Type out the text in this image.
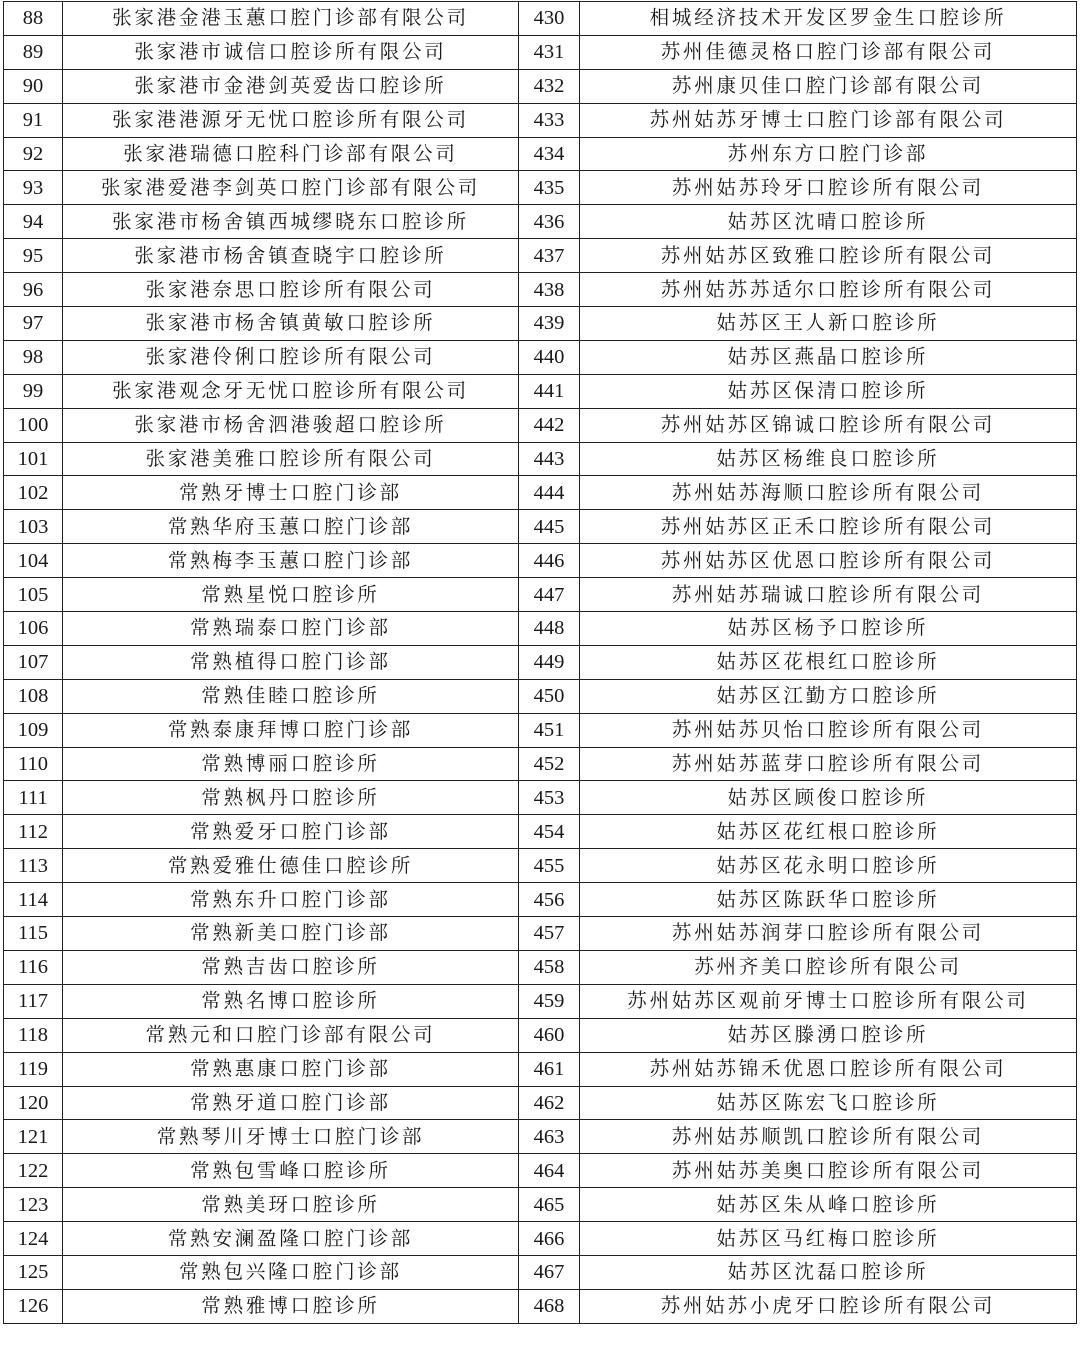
88	张家港金港玉蕙口腔门诊部有限公司	430	相城经济技术开发区罗金生口腔诊所
89	张家港市诚信口腔诊所有限公司	431	苏州佳德灵格口腔门诊部有限公司
90	张家港市金港剑英爱齿口腔诊所	432	苏州康贝佳口腔门诊部有限公司
91	张家港港源牙无忧口腔诊所有限公司	433	苏州姑苏牙博士口腔门诊部有限公司
92	张家港瑞德口腔科门诊部有限公司	434	苏州东方口腔门诊部
93	张家港爱港李剑英口腔门诊部有限公司	435	苏州姑苏玲牙口腔诊所有限公司
94	张家港市杨舍镇西城缪晓东口腔诊所	436	姑苏区沈晴口腔诊所
95	张家港市杨舍镇查晓宇口腔诊所	437	苏州姑苏区致雅口腔诊所有限公司
96	张家港奈思口腔诊所有限公司	438	苏州姑苏苏适尔口腔诊所有限公司
97	张家港市杨舍镇黄敏口腔诊所	439	姑苏区王人新口腔诊所
98	张家港伶俐口腔诊所有限公司	440	姑苏区燕晶口腔诊所
99	张家港观念牙无忧口腔诊所有限公司	441	姑苏区保清口腔诊所
100	张家港市杨舍泗港骏超口腔诊所	442	苏州姑苏区锦诚口腔诊所有限公司
101	张家港美雅口腔诊所有限公司	443	姑苏区杨维良口腔诊所
102	常熟牙博士口腔门诊部	444	苏州姑苏海顺口腔诊所有限公司
103	常熟华府玉蕙口腔门诊部	445	苏州姑苏区正禾口腔诊所有限公司
104	常熟梅李玉蕙口腔门诊部	446	苏州姑苏区优恩口腔诊所有限公司
105	常熟星悦口腔诊所	447	苏州姑苏瑞诚口腔诊所有限公司
106	常熟瑞泰口腔门诊部	448	姑苏区杨予口腔诊所
107	常熟植得口腔门诊部	449	姑苏区花根红口腔诊所
108	常熟佳睦口腔诊所	450	姑苏区江勤方口腔诊所
109	常熟泰康拜博口腔门诊部	451	苏州姑苏贝怡口腔诊所有限公司
110	常熟博丽口腔诊所	452	苏州姑苏蓝芽口腔诊所有限公司
111	常熟枫丹口腔诊所	453	姑苏区顾俊口腔诊所
112	常熟爱牙口腔门诊部	454	姑苏区花红根口腔诊所
113	常熟爱雅仕德佳口腔诊所	455	姑苏区花永明口腔诊所
114	常熟东升口腔门诊部	456	姑苏区陈跃华口腔诊所
115	常熟新美口腔门诊部	457	苏州姑苏润芽口腔诊所有限公司
116	常熟吉齿口腔诊所	458	苏州齐美口腔诊所有限公司
117	常熟名博口腔诊所	459	苏州姑苏区观前牙博士口腔诊所有限公司
118	常熟元和口腔门诊部有限公司	460	姑苏区滕湧口腔诊所
119	常熟惠康口腔门诊部	461	苏州姑苏锦禾优恩口腔诊所有限公司
120	常熟牙道口腔门诊部	462	姑苏区陈宏飞口腔诊所
121	常熟琴川牙博士口腔门诊部	463	苏州姑苏顺凯口腔诊所有限公司
122	常熟包雪峰口腔诊所	464	苏州姑苏美奥口腔诊所有限公司
123	常熟美玡口腔诊所	465	姑苏区朱从峰口腔诊所
124	常熟安澜盈隆口腔门诊部	466	姑苏区马红梅口腔诊所
125	常熟包兴隆口腔门诊部	467	姑苏区沈磊口腔诊所
126	常熟雅博口腔诊所	468	苏州姑苏小虎牙口腔诊所有限公司
